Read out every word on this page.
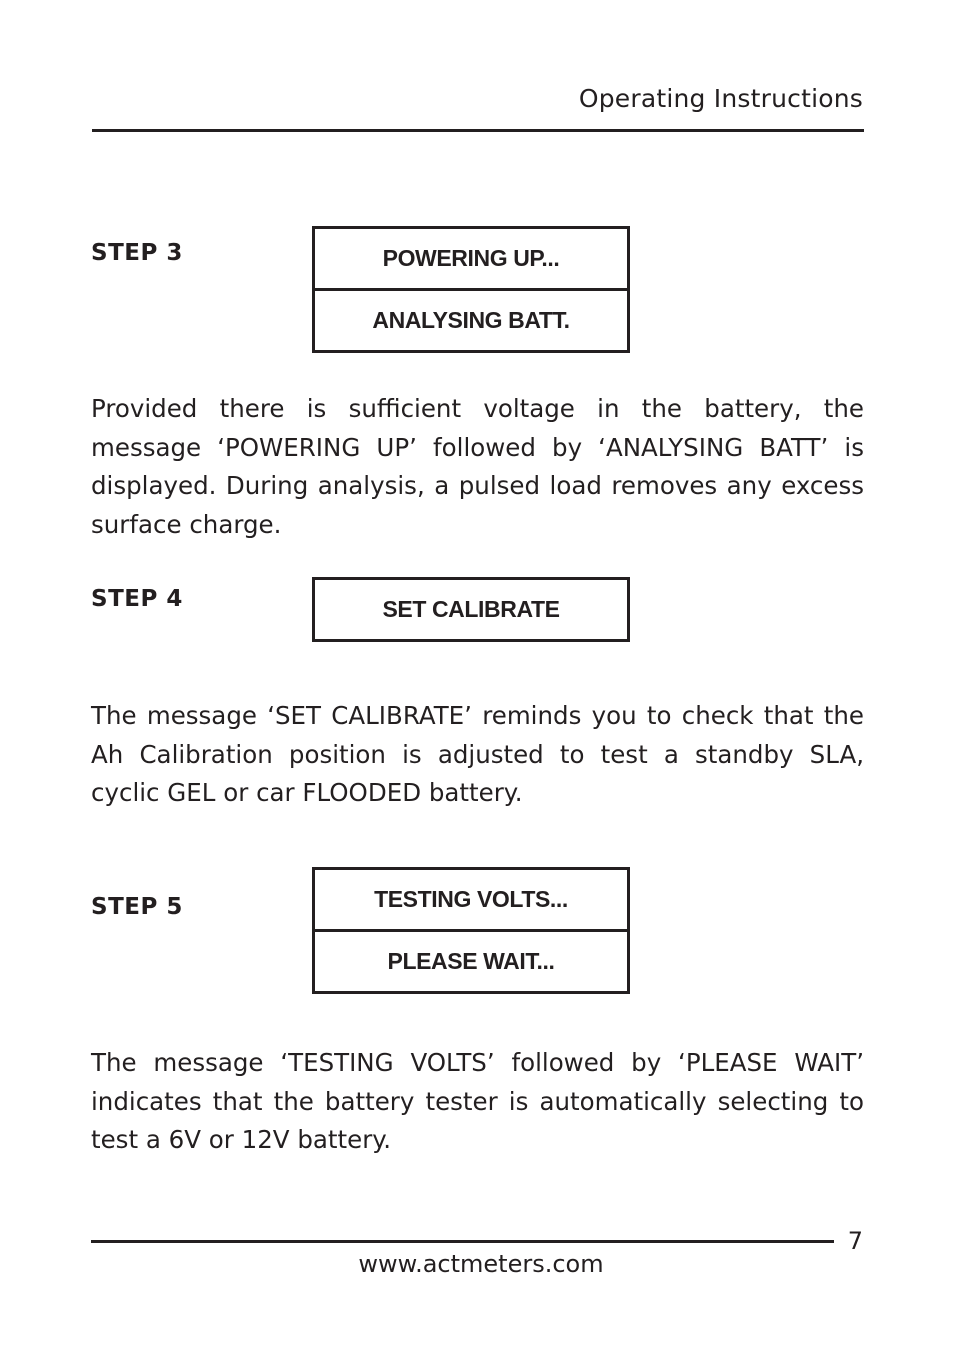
Operating Instructions
STEP 3	POWERING UP...
ANALYSING BATT.

Provided there is sufficient voltage in the battery, the message ‘POWERING UP’ followed by ‘ANALYSING BATT’ is displayed. During analysis, a pulsed load removes any excess surface charge.

STEP 4	SET CALIBRATE

The message ‘SET CALIBRATE’ reminds you to check that the Ah Calibration position is adjusted to test a standby SLA, cyclic GEL or car FLOODED battery.

STEP 5	TESTING VOLTS...
PLEASE WAIT...

The message ‘TESTING VOLTS’ followed by ‘PLEASE WAIT’ indicates that the battery tester is automatically selecting to test a 6V or 12V battery.

7
www.actmeters.com
